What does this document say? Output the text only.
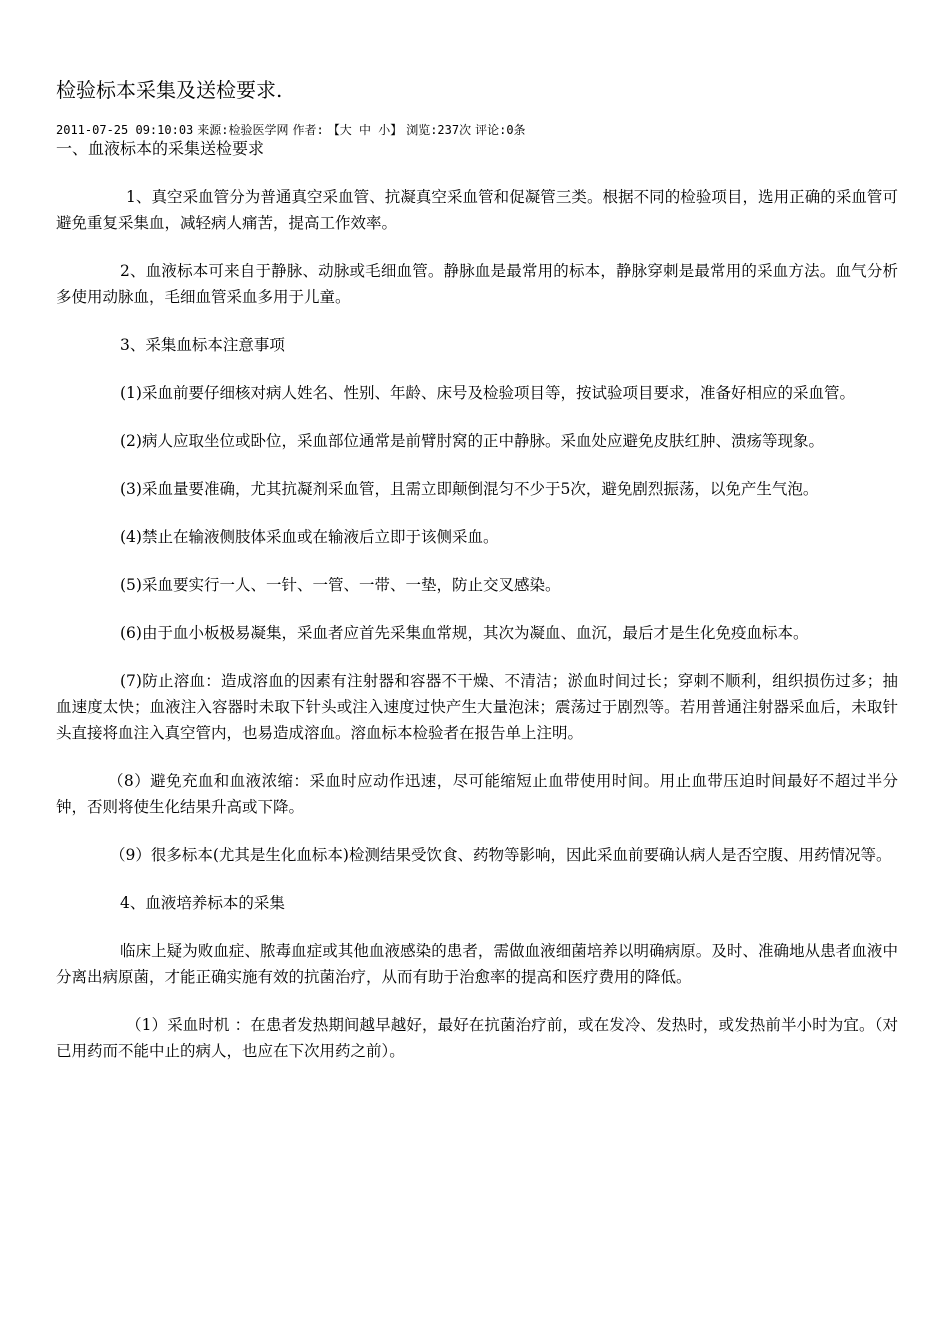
检验标本采集及送检要求.
2011-07-25 09:10:03 来源:检验医学网 作者: 【大 中 小】 浏览:237次 评论:0条
一、血液标本的采集送检要求

1、真空采血管分为普通真空采血管、抗凝真空采血管和促凝管三类。根据不同的检验项目，选用正确的采血管可避免重复采集血，减轻病人痛苦，提高工作效率。

2、血液标本可来自于静脉、动脉或毛细血管。静脉血是最常用的标本，静脉穿刺是最常用的采血方法。血气分析多使用动脉血，毛细血管采血多用于儿童。

3、采集血标本注意事项

(1)采血前要仔细核对病人姓名、性别、年龄、床号及检验项目等，按试验项目要求，准备好相应的采血管。

(2)病人应取坐位或卧位，采血部位通常是前臂肘窝的正中静脉。采血处应避免皮肤红肿、溃疡等现象。

(3)采血量要准确，尤其抗凝剂采血管，且需立即颠倒混匀不少于5次，避免剧烈振荡，以免产生气泡。

(4)禁止在输液侧肢体采血或在输液后立即于该侧采血。

(5)采血要实行一人、一针、一管、一带、一垫，防止交叉感染。

(6)由于血小板极易凝集，采血者应首先采集血常规，其次为凝血、血沉，最后才是生化免疫血标本。

(7)防止溶血：造成溶血的因素有注射器和容器不干燥、不清洁；淤血时间过长；穿刺不顺利，组织损伤过多；抽血速度太快；血液注入容器时未取下针头或注入速度过快产生大量泡沫；震荡过于剧烈等。若用普通注射器采血后，未取针头直接将血注入真空管内，也易造成溶血。溶血标本检验者在报告单上注明。

（8）避免充血和血液浓缩：采血时应动作迅速，尽可能缩短止血带使用时间。用止血带压迫时间最好不超过半分钟，否则将使生化结果升高或下降。

（9）很多标本(尤其是生化血标本)检测结果受饮食、药物等影响，因此采血前要确认病人是否空腹、用药情况等。

4、血液培养标本的采集

临床上疑为败血症、脓毒血症或其他血液感染的患者，需做血液细菌培养以明确病原。及时、准确地从患者血液中分离出病原菌，才能正确实施有效的抗菌治疗，从而有助于治愈率的提高和医疗费用的降低。

（1）采血时机 ：在患者发热期间越早越好，最好在抗菌治疗前，或在发冷、发热时，或发热前半小时为宜。（对已用药而不能中止的病人，也应在下次用药之前）。
